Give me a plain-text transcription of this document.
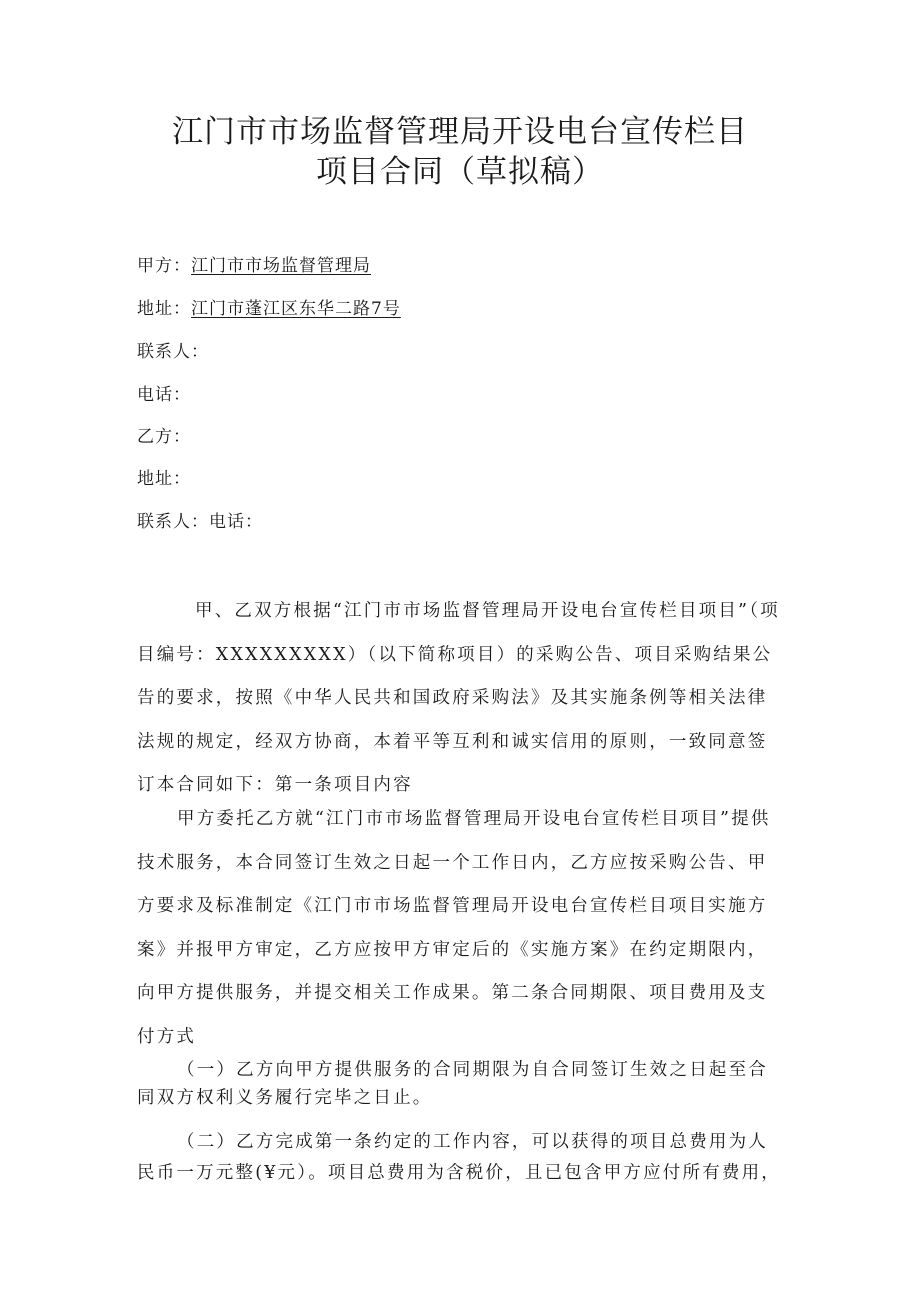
江门市市场监督管理局开设电台宣传栏目
项目合同（草拟稿）
甲方：江门市市场监督管理局
地址：江门市蓬江区东华二路7号
联系人：
电话：
乙方：
地址：
联系人：电话：
甲、乙双方根据“江门市市场监督管理局开设电台宣传栏目项目”（项目编号：XXXXXXXXX）（以下简称项目）的采购公告、项目采购结果公告的要求，按照《中华人民共和国政府采购法》及其实施条例等相关法律法规的规定，经双方协商，本着平等互利和诚实信用的原则，一致同意签订本合同如下：第一条项目内容
甲方委托乙方就“江门市市场监督管理局开设电台宣传栏目项目”提供技术服务，本合同签订生效之日起一个工作日内，乙方应按采购公告、甲方要求及标准制定《江门市市场监督管理局开设电台宣传栏目项目实施方案》并报甲方审定，乙方应按甲方审定后的《实施方案》在约定期限内，向甲方提供服务，并提交相关工作成果。第二条合同期限、项目费用及支付方式
（一）乙方向甲方提供服务的合同期限为自合同签订生效之日起至合同双方权利义务履行完毕之日止。
（二）乙方完成第一条约定的工作内容，可以获得的项目总费用为人民币一万元整(¥元）。项目总费用为含税价，且已包含甲方应付所有费用，
